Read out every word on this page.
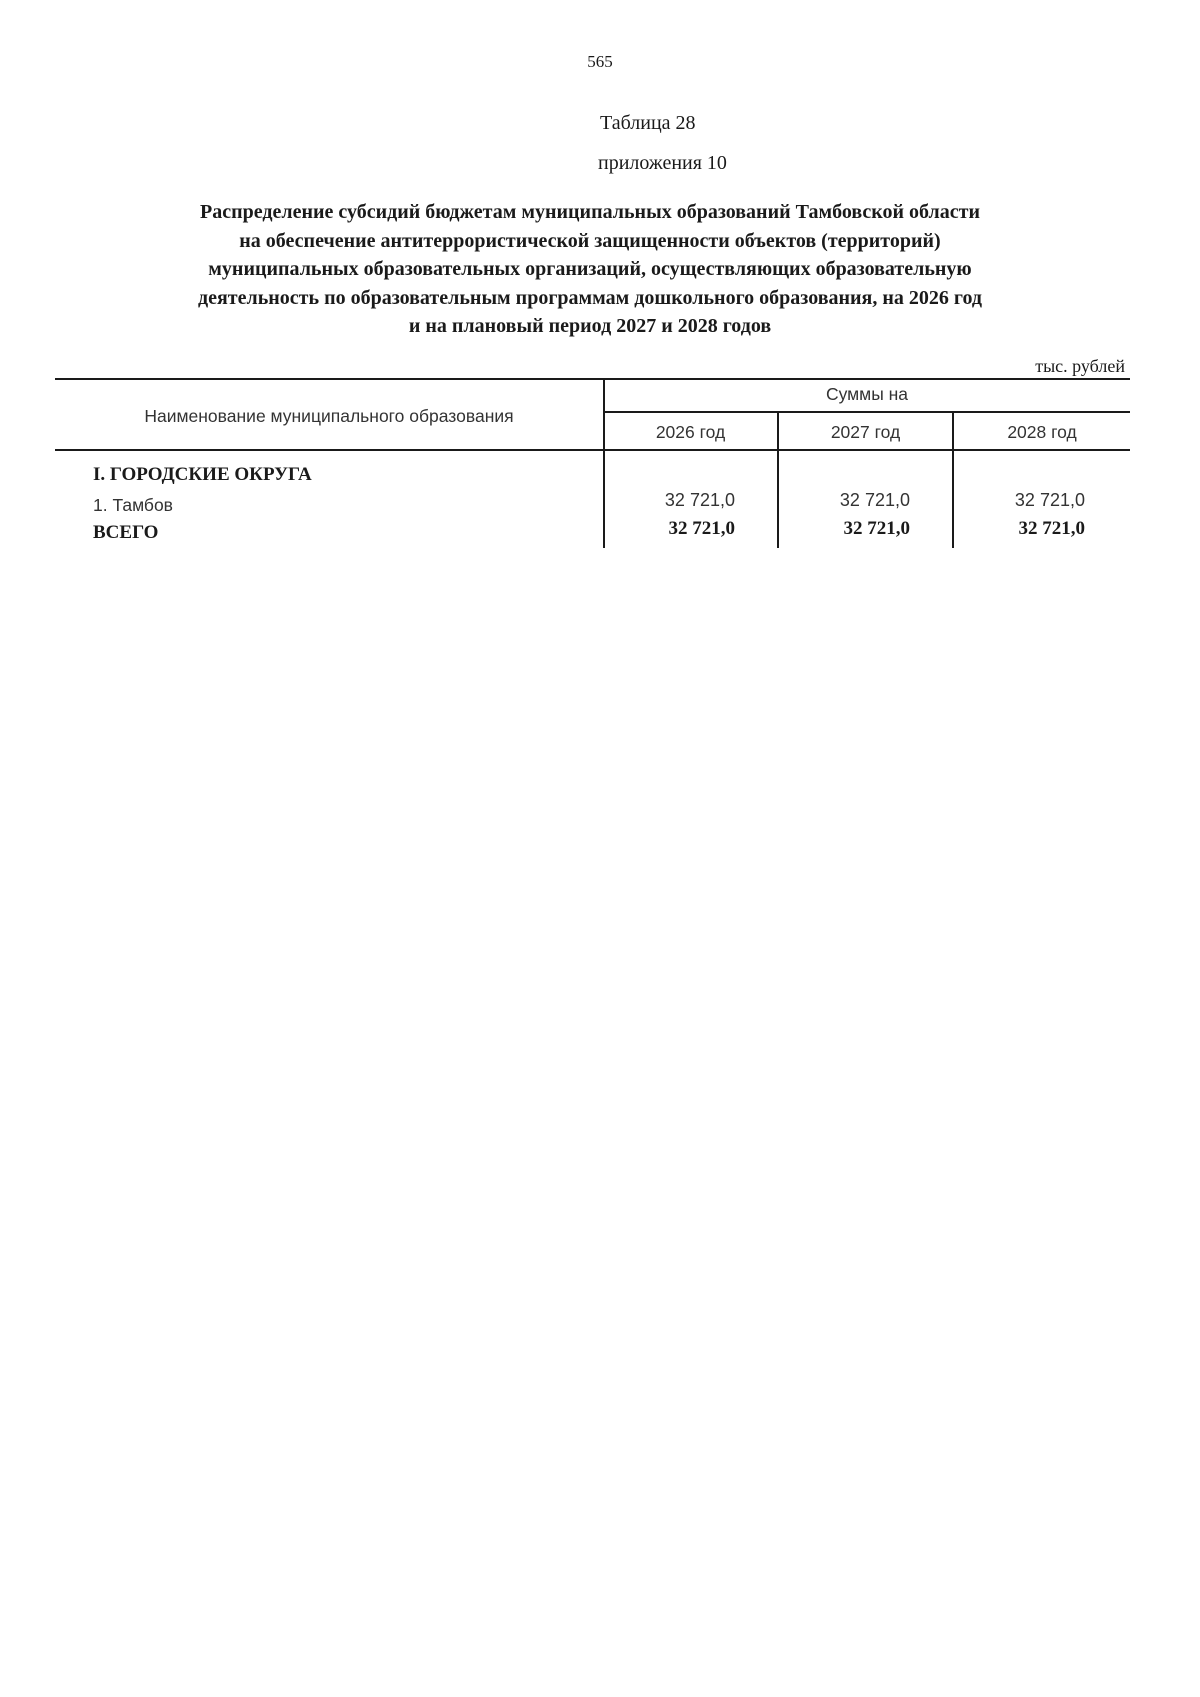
565
Таблица 28
приложения 10
Распределение субсидий бюджетам муниципальных образований Тамбовской области
на обеспечение антитеррористической защищенности объектов (территорий)
муниципальных образовательных организаций, осуществляющих образовательную
деятельность по образовательным программам дошкольного образования, на 2026 год
и на плановый период 2027 и 2028 годов
тыс. рублей
Наименование муниципального образования
Суммы на
2026 год	2027 год	2028 год
I. ГОРОДСКИЕ ОКРУГА
1. Тамбов	32 721,0	32 721,0	32 721,0
ВСЕГО	32 721,0	32 721,0	32 721,0
